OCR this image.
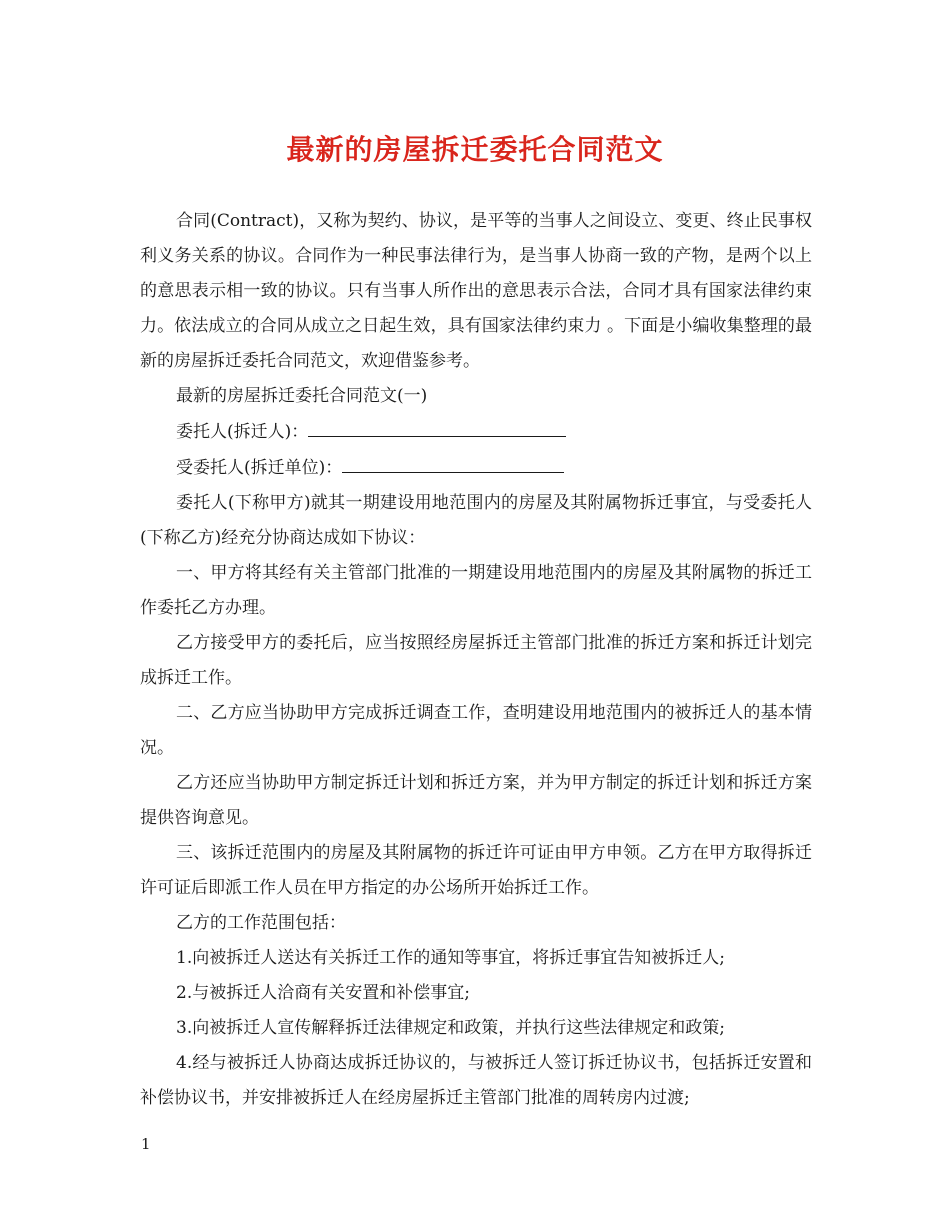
最新的房屋拆迁委托合同范文

合同(Contract)，又称为契约、协议，是平等的当事人之间设立、变更、终止民事权利义务关系的协议。合同作为一种民事法律行为，是当事人协商一致的产物，是两个以上的意思表示相一致的协议。只有当事人所作出的意思表示合法，合同才具有国家法律约束力。依法成立的合同从成立之日起生效，具有国家法律约束力 。下面是小编收集整理的最新的房屋拆迁委托合同范文，欢迎借鉴参考。

最新的房屋拆迁委托合同范文(一)

委托人(拆迁人)：

受委托人(拆迁单位)：

委托人(下称甲方)就其一期建设用地范围内的房屋及其附属物拆迁事宜，与受委托人(下称乙方)经充分协商达成如下协议：

一、甲方将其经有关主管部门批准的一期建设用地范围内的房屋及其附属物的拆迁工作委托乙方办理。

乙方接受甲方的委托后，应当按照经房屋拆迁主管部门批准的拆迁方案和拆迁计划完成拆迁工作。

二、乙方应当协助甲方完成拆迁调查工作，查明建设用地范围内的被拆迁人的基本情况。

乙方还应当协助甲方制定拆迁计划和拆迁方案，并为甲方制定的拆迁计划和拆迁方案提供咨询意见。

三、该拆迁范围内的房屋及其附属物的拆迁许可证由甲方申领。乙方在甲方取得拆迁许可证后即派工作人员在甲方指定的办公场所开始拆迁工作。

乙方的工作范围包括：

1.向被拆迁人送达有关拆迁工作的通知等事宜，将拆迁事宜告知被拆迁人;

2.与被拆迁人洽商有关安置和补偿事宜;

3.向被拆迁人宣传解释拆迁法律规定和政策，并执行这些法律规定和政策;

4.经与被拆迁人协商达成拆迁协议的，与被拆迁人签订拆迁协议书，包括拆迁安置和补偿协议书，并安排被拆迁人在经房屋拆迁主管部门批准的周转房内过渡;

1
